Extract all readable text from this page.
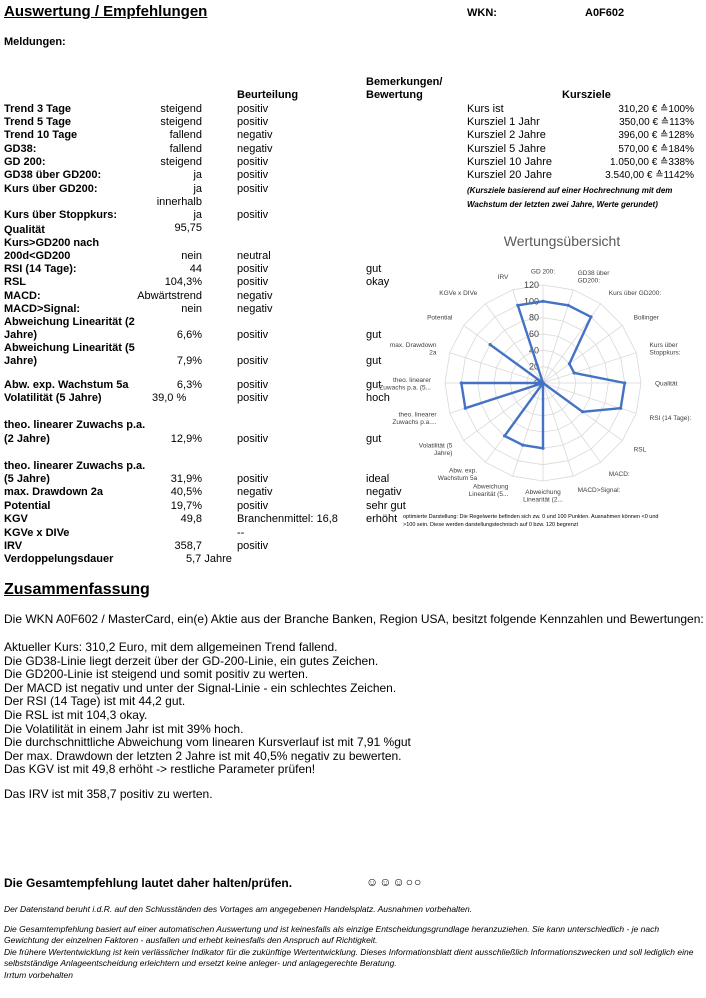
Auswertung / Empfehlungen	WKN:	A0F602
Meldungen:
Beurteilung
Bemerkungen/
Bewertung	Kursziele
Trend 3 Tage	steigend	positiv
Trend 5 Tage	steigend	positiv
Trend 10 Tage	fallend	negativ
GD38:	fallend	negativ
GD 200:	steigend	positiv
GD38 über GD200:	ja	positiv
Kurs über GD200:	ja	positiv
innerhalb
Kurs über Stoppkurs:	ja	positiv
Qualität	95,75
Kurs>GD200 nach
200d<GD200	nein	neutral
RSI (14 Tage):	44	positiv	gut
RSL	104,3%	positiv	okay
MACD:	Abwärtstrend	negativ
MACD>Signal:	nein	negativ
Abweichung Linearität (2
Jahre)	6,6%	positiv	gut
Abweichung Linearität (5
Jahre)	7,9%	positiv	gut
Abw. exp. Wachstum 5a	6,3%	positiv	gut
Volatilität (5 Jahre)	39,0 %	positiv	hoch
theo. linearer Zuwachs p.a.
(2 Jahre)	12,9%	positiv	gut
theo. linearer Zuwachs p.a.
(5 Jahre)	31,9%	positiv	ideal
max. Drawdown 2a	40,5%	negativ	negativ
Potential	19,7%	positiv	sehr gut
KGV	49,8	Branchenmittel: 16,8	erhöht
KGVe x DIVe	--
IRV	358,7	positiv
Verdoppelungsdauer	5,7 Jahre
Kurs ist	310,20 € ≙100%
Kursziel 1 Jahr	350,00 € ≙113%
Kursziel 2 Jahre	396,00 € ≙128%
Kursziel 5 Jahre	570,00 € ≙184%
Kursziel 10 Jahre	1.050,00 € ≙338%
Kursziel 20 Jahre	3.540,00 € ≙1142%
(Kursziele basierend auf einer Hochrechnung mit dem
Wachstum der letzten zwei Jahre, Werte gerundet)
Wertungsübersicht
0
20
40
60
80
100
120
GD 200:	GD38 über GD200:
Kurs über GD200:
Bollinger
Kurs über Stoppkurs:
Qualität
RSI (14 Tage):
RSL
MACD:
MACD>Signal:
Abweichung Linearität (2...
Abweichung Linearität (5...
Abw. exp. Wachstum 5a
Volatilität (5 Jahre)
theo. linearer Zuwachs p.a....
theo. linearer Zuwachs p.a. (5...
max. Drawdown 2a
Potential
KGVe x DIVe
IRV
optimierte Darstellung: Die Regelwerte befinden sich zw. 0 und 100 Punkten. Ausnahmen können <0 und
>100 sein. Diese werden darstellungstechnisch auf 0 bzw. 120 begrenzt
Zusammenfassung
Die WKN A0F602 / MasterCard, ein(e) Aktie aus der Branche Banken, Region USA, besitzt folgende Kennzahlen und Bewertungen:
Aktueller Kurs: 310,2 Euro, mit dem allgemeinen Trend fallend.
Die GD38-Linie liegt derzeit über der GD-200-Linie, ein gutes Zeichen.
Die GD200-Linie ist steigend und somit positiv zu werten.
Der MACD ist negativ und unter der Signal-Linie - ein schlechtes Zeichen.
Der RSI (14 Tage) ist mit 44,2 gut.
Die RSL ist mit 104,3 okay.
Die Volatilität in einem Jahr ist mit 39% hoch.
Die durchschnittliche Abweichung vom linearen Kursverlauf ist mit 7,91 %gut
Der max. Drawdown der letzten 2 Jahre ist mit 40,5% negativ zu bewerten.
Das KGV ist mit 49,8 erhöht -> restliche Parameter prüfen!
Das IRV ist mit 358,7 positiv zu werten.
Die Gesamtempfehlung lautet daher halten/prüfen.	☺☺☺○○
Der Datenstand beruht i.d.R. auf den Schlusständen des Vortages am angegebenen Handelsplatz. Ausnahmen vorbehalten.
Die Gesamtempfehlung basiert auf einer automatischen Auswertung und ist keinesfalls als einzige Entscheidungsgrundlage heranzuziehen. Sie kann unterschiedlich - je nach Gewichtung der einzelnen Faktoren - ausfallen und erhebt keinesfalls den Anspruch auf Richtigkeit.
Die frühere Wertentwicklung ist kein verlässlicher Indikator für die zukünftige Wertentwicklung. Dieses Informationsblatt dient ausschließlich Informationszwecken und soll lediglich eine selbstständige Anlageentscheidung erleichtern und ersetzt keine anleger- und anlagegerechte Beratung.
Irrtum vorbehalten
